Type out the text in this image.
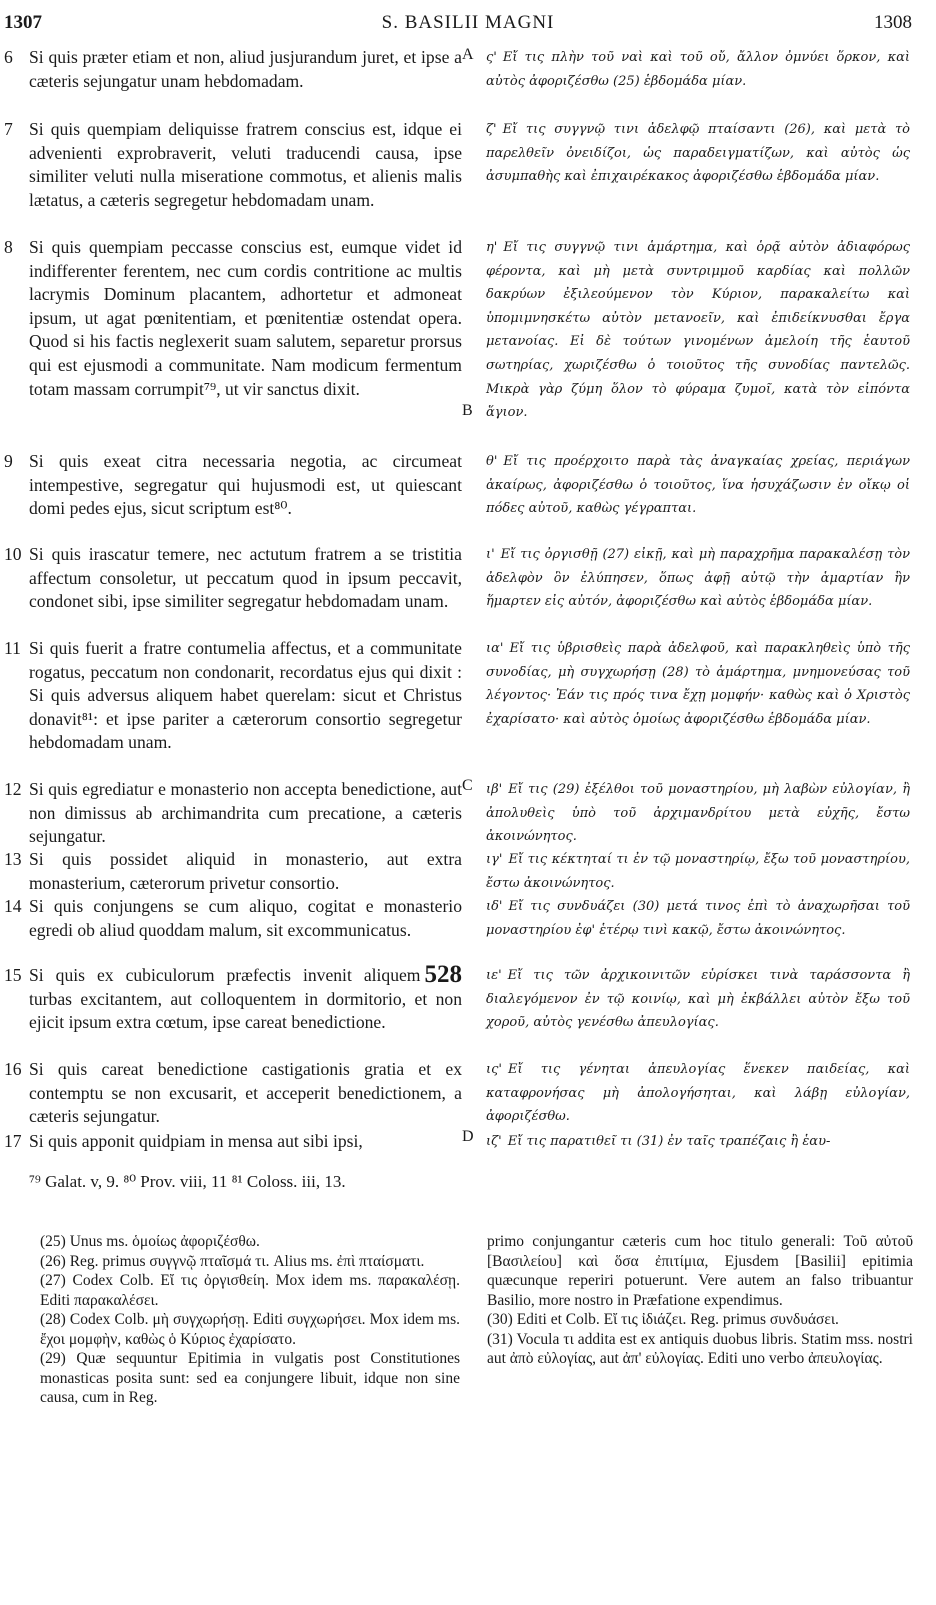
1307	S. BASILII MAGNI	1308
6 Si quis præter etiam et non, aliud jusjurandum juret, et ipse a cæteris sejungatur unam hebdomadam.
A ς' Εἴ τις πλὴν τοῦ ναὶ καὶ τοῦ οὔ, ἄλλον ὀμνύει ὅρκον, καὶ αὐτὸς ἀφοριζέσθω (25) ἑβδομάδα μίαν.
7 Si quis quempiam deliquisse fratrem conscius est, idque ei advenienti exprobraverit, veluti traducendi causa, ipse similiter veluti nulla miseratione commotus, et alienis malis lætatus, a cæteris segregetur hebdomadam unam.
ζ' Εἴ τις συγγνῷ τινι ἀδελφῷ πταίσαντι (26), καὶ μετὰ τὸ παρελθεῖν ὀνειδίζοι, ὡς παραδειγματίζων, καὶ αὐτὸς ὡς ἀσυμπαθὴς καὶ ἐπιχαιρέκακος ἀφοριζέσθω ἑβδομάδα μίαν.
8 Si quis quempiam peccasse conscius est, eumque videt id indifferenter ferentem, nec cum cordis contritione ac multis lacrymis Dominum placantem, adhortetur et admoneat ipsum, ut agat pœnitentiam, et pœnitentiæ ostendat opera. Quod si his factis neglexerit suam salutem, separetur prorsus qui est ejusmodi a communitate. Nam modicum fermentum totam massam corrumpit⁷⁹, ut vir sanctus dixit.
B
η' Εἴ τις συγγνῷ τινι ἁμάρτημα, καὶ ὁρᾷ αὐτὸν ἀδιαφόρως φέροντα, καὶ μὴ μετὰ συντριμμοῦ καρδίας καὶ πολλῶν δακρύων ἐξιλεούμενον τὸν Κύριον, παρακαλείτω καὶ ὑπομιμνησκέτω αὐτὸν μετανοεῖν, καὶ ἐπιδείκνυσθαι ἔργα μετανοίας. Εἰ δὲ τούτων γινομένων ἀμελοίη τῆς ἑαυτοῦ σωτηρίας, χωριζέσθω ὁ τοιοῦτος τῆς συνοδίας παντελῶς. Μικρὰ γὰρ ζύμη ὅλον τὸ φύραμα ζυμοῖ, κατὰ τὸν εἰπόντα ἅγιον.
9 Si quis exeat citra necessaria negotia, ac circumeat intempestive, segregatur qui hujusmodi est, ut quiescant domi pedes ejus, sicut scriptum est⁸⁰.
θ' Εἴ τις προέρχοιτο παρὰ τὰς ἀναγκαίας χρείας, περιάγων ἀκαίρως, ἀφοριζέσθω ὁ τοιοῦτος, ἵνα ἡσυχάζωσιν ἐν οἴκῳ οἱ πόδες αὐτοῦ, καθὼς γέγραπται.
10 Si quis irascatur temere, nec actutum fratrem a se tristitia affectum consoletur, ut peccatum quod in ipsum peccavit, condonet sibi, ipse similiter segregatur hebdomadam unam.
ι' Εἴ τις ὀργισθῇ (27) εἰκῇ, καὶ μὴ παραχρῆμα παρακαλέσῃ τὸν ἀδελφὸν ὃν ἐλύπησεν, ὅπως ἀφῇ αὐτῷ τὴν ἁμαρτίαν ἣν ἥμαρτεν εἰς αὐτόν, ἀφοριζέσθω καὶ αὐτὸς ἑβδομάδα μίαν.
11 Si quis fuerit a fratre contumelia affectus, et a communitate rogatus, peccatum non condonarit, recordatus ejus qui dixit : Si quis adversus aliquem habet querelam: sicut et Christus donavit⁸¹: et ipse pariter a cæterorum consortio segregetur hebdomadam unam.
C
ια' Εἴ τις ὑβρισθεὶς παρὰ ἀδελφοῦ, καὶ παρακληθεὶς ὑπὸ τῆς συνοδίας, μὴ συγχωρήσῃ (28) τὸ ἁμάρτημα, μνημονεύσας τοῦ λέγοντος· Ἐάν τις πρός τινα ἔχῃ μομφήν· καθὼς καὶ ὁ Χριστὸς ἐχαρίσατο· καὶ αὐτὸς ὁμοίως ἀφοριζέσθω ἑβδομάδα μίαν.
12 Si quis egrediatur e monasterio non accepta benedictione, aut non dimissus ab archimandrita cum precatione, a cæteris sejungatur.
ιβ' Εἴ τις (29) ἐξέλθοι τοῦ μοναστηρίου, μὴ λαβὼν εὐλογίαν, ἢ ἀπολυθεὶς ὑπὸ τοῦ ἀρχιμανδρίτου μετὰ εὐχῆς, ἔστω ἀκοινώνητος.
13 Si quis possidet aliquid in monasterio, aut extra monasterium, cæterorum privetur consortio.
ιγ' Εἴ τις κέκτηταί τι ἐν τῷ μοναστηρίῳ, ἔξω τοῦ μοναστηρίου, ἔστω ἀκοινώνητος.
14 Si quis conjungens se cum aliquo, cogitat e monasterio egredi ob aliud quoddam malum, sit excommunicatus.
ιδ' Εἴ τις συνδυάζει (30) μετά τινος ἐπὶ τὸ ἀναχωρῆσαι τοῦ μοναστηρίου ἐφ' ἑτέρῳ τινὶ κακῷ, ἔστω ἀκοινώνητος.
15	528
Si quis ex cubiculorum præfectis invenit aliquem turbas excitantem, aut colloquentem in dormitorio, et non ejicit ipsum extra cœtum, ipse careat benedictione.
ιε' Εἴ τις τῶν ἀρχικοινιτῶν εὑρίσκει τινὰ ταράσσοντα ἢ διαλεγόμενον ἐν τῷ κοινίῳ, καὶ μὴ ἐκβάλλει αὐτὸν ἔξω τοῦ χοροῦ, αὐτὸς γενέσθω ἀπευλογίας.
16 Si quis careat benedictione castigationis gratia et ex contemptu se non excusarit, et acceperit benedictionem, a cæteris sejungatur.
D
ις' Εἴ τις γένηται ἀπευλογίας ἕνεκεν παιδείας, καὶ καταφρονήσας μὴ ἀπολογήσηται, καὶ λάβῃ εὐλογίαν, ἀφοριζέσθω.
17 Si quis apponit quidpiam in mensa aut sibi ipsi,	ιζ' Εἴ τις παρατιθεῖ τι (31) ἐν ταῖς τραπέζαις ἢ ἑαυ-
⁷⁹ Galat. v, 9. ⁸⁰ Prov. viii, 11 ⁸¹ Coloss. iii, 13.

(25) Unus ms. ὁμοίως ἀφοριζέσθω.

(26) Reg. primus συγγνῷ πταῖσμά τι. Alius ms. ἐπὶ πταίσματι.

(27) Codex Colb. Εἴ τις ὀργισθείη. Mox idem ms. παρακαλέσῃ. Editi παρακαλέσει.

(28) Codex Colb. μὴ συγχωρήσῃ. Editi συγχωρήσει. Mox idem ms. ἔχοι μομφὴν, καθὼς ὁ Κύριος ἐχαρίσατο.

(29) Quæ sequuntur Epitimia in vulgatis post Constitutiones monasticas posita sunt: sed ea conjungere libuit, idque non sine causa, cum in Reg.

primo conjungantur cæteris cum hoc titulo generali: Τοῦ αὐτοῦ [Βασιλείου] καὶ ὅσα ἐπιτίμια, Ejusdem [Basilii] epitimia quæcunque reperiri potuerunt. Vere autem an falso tribuantur Basilio, more nostro in Præfatione expendimus.

(30) Editi et Colb. Εἴ τις ἰδιάζει. Reg. primus συνδυάσει.

(31) Vocula τι addita est ex antiquis duobus libris. Statim mss. nostri aut ἀπὸ εὐλογίας, aut ἀπ' εὐλογίας. Editi uno verbo ἀπευλογίας.
